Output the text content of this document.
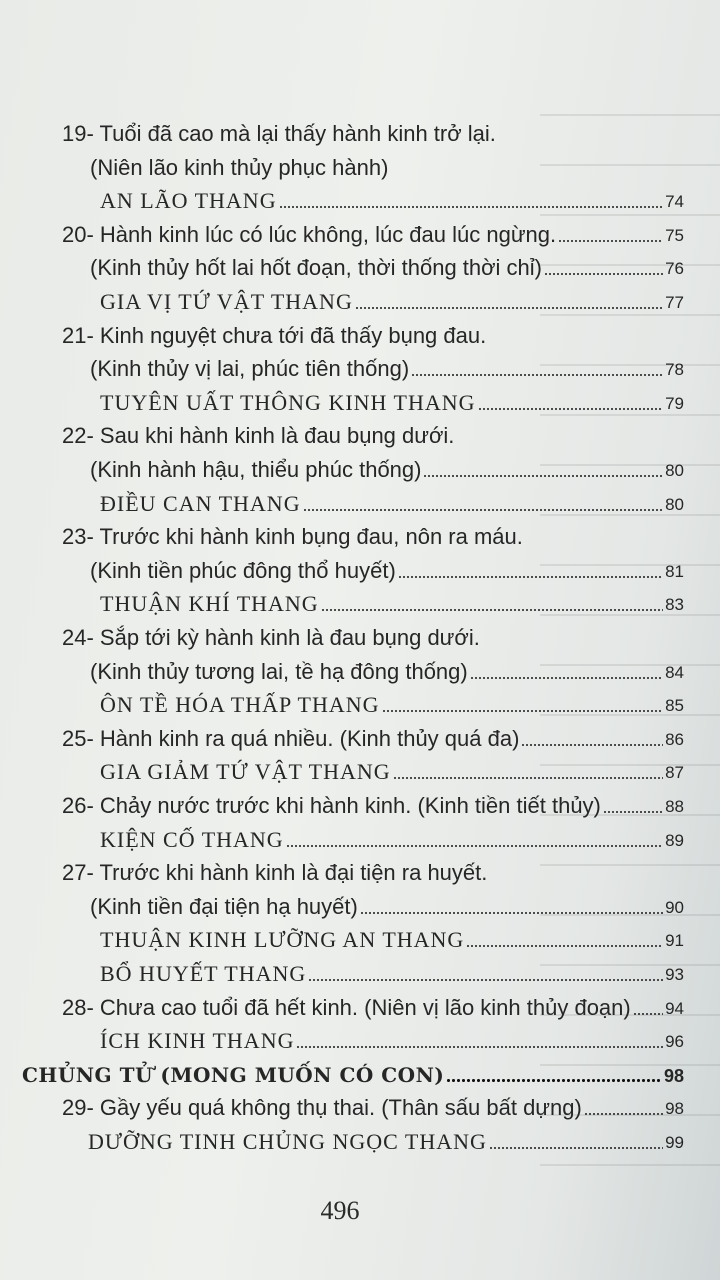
19- Tuổi đã cao mà lại thấy hành kinh trở lại.
(Niên lão kinh thủy phục hành)
AN LÃO THANG	74
20- Hành kinh lúc có lúc không, lúc đau lúc ngừng.	75
(Kinh thủy hốt lai hốt đoạn, thời thống thời chỉ)	76
GIA VỊ TỨ VẬT THANG	77
21- Kinh nguyệt chưa tới đã thấy bụng đau.
(Kinh thủy vị lai, phúc tiên thống)	78
TUYÊN UẤT THÔNG KINH THANG	79
22- Sau khi hành kinh là đau bụng dưới.
(Kinh hành hậu, thiểu phúc thống)	80
ĐIỀU CAN THANG	80
23- Trước khi hành kinh bụng đau, nôn ra máu.
(Kinh tiền phúc đông thổ huyết)	81
THUẬN KHÍ THANG	83
24- Sắp tới kỳ hành kinh là đau bụng dưới.
(Kinh thủy tương lai, tề hạ đông thống)	84
ÔN TỀ HÓA THẤP THANG	85
25- Hành kinh ra quá nhiều. (Kinh thủy quá đa)	86
GIA GIẢM TỨ VẬT THANG	87
26- Chảy nước trước khi hành kinh. (Kinh tiền tiết thủy)	88
KIỆN CỐ THANG	89
27- Trước khi hành kinh là đại tiện ra huyết.
(Kinh tiền đại tiện hạ huyết)	90
THUẬN KINH LƯỠNG AN THANG	91
BỔ HUYẾT THANG	93
28- Chưa cao tuổi đã hết kinh. (Niên vị lão kinh thủy đoạn) 94
ÍCH KINH THANG	96
CHỦNG TỬ (MONG MUỐN CÓ CON)	98
29- Gầy yếu quá không thụ thai. (Thân sấu bất dựng)	98
DƯỠNG TINH CHỦNG NGỌC THANG	99
496
